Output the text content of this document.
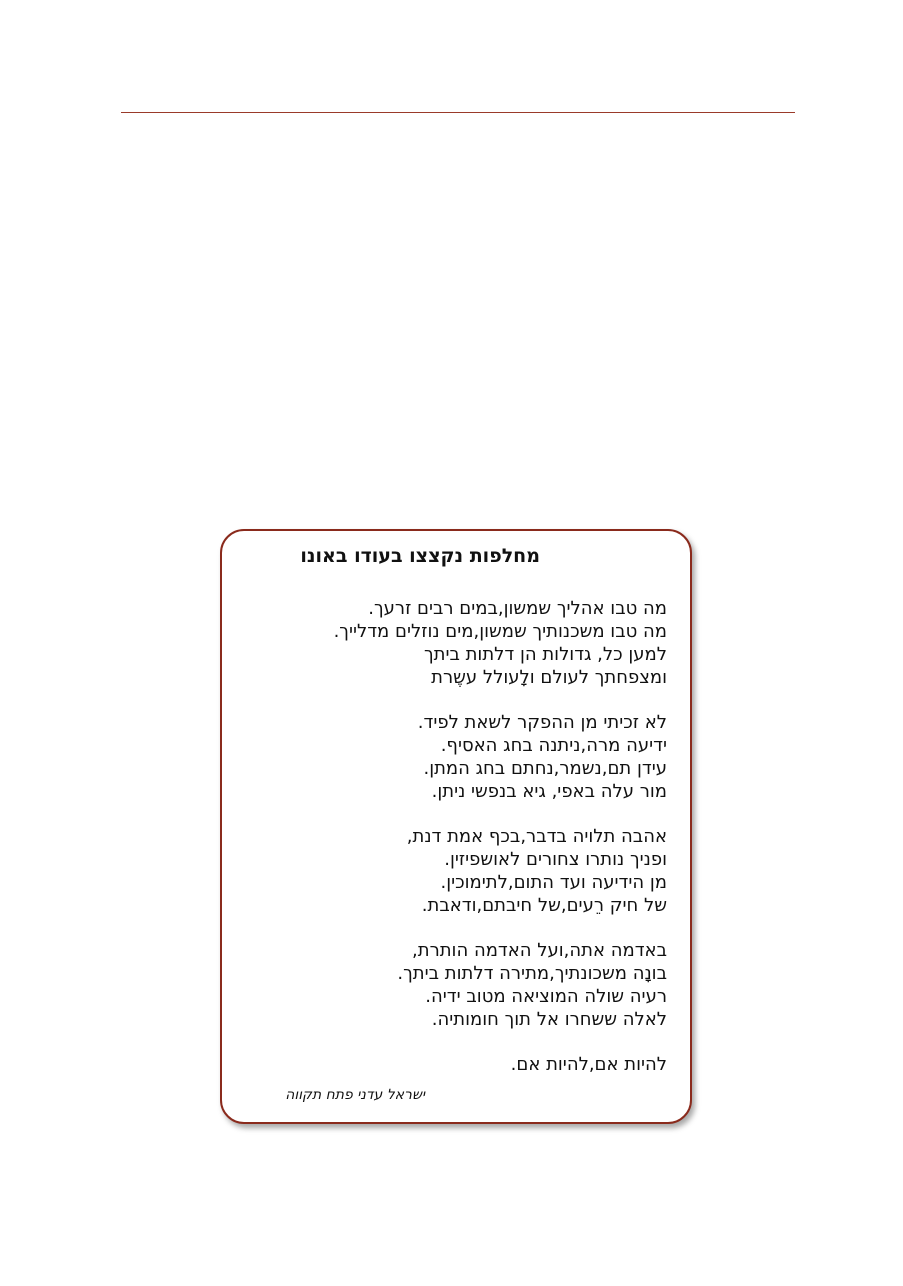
מחלפות נקצצו בעודו באונו
מה טבו אהליך שמשון,במים רבים זרעך.
מה טבו משכנותיך שמשון,מים נוזלים מדלייך.
למען כל, גדולות הן דלתות ביתך
ומצפחתך לעולם ולָעולל עשֶרת
לא זכיתי מן ההפקר לשאת לפיד.
ידיעה מרה,ניתנה בחג האסיף.
עידן תם,נשמר,נחתם בחג המתן.
מור עלה באפי, גיא בנפשי ניתן.
אהבה תלויה בדבר,בכף אמת דנת,
ופניך נותרו צחורים לאושפיזין.
מן הידיעה ועד התום,לתימוכין.
של חיק רֵעים,של חיבתם,ודאבת.
באדמה אתה,ועל האדמה הותרת,
בונָה משכונתיך,מתירה דלתות ביתך.
רעיה שולה המוציאה מטוב ידיה.
לאלה ששחרו אל תוך חומותיה.
להיות אם,להיות אם.
ישראל עדני פתח תקווה
